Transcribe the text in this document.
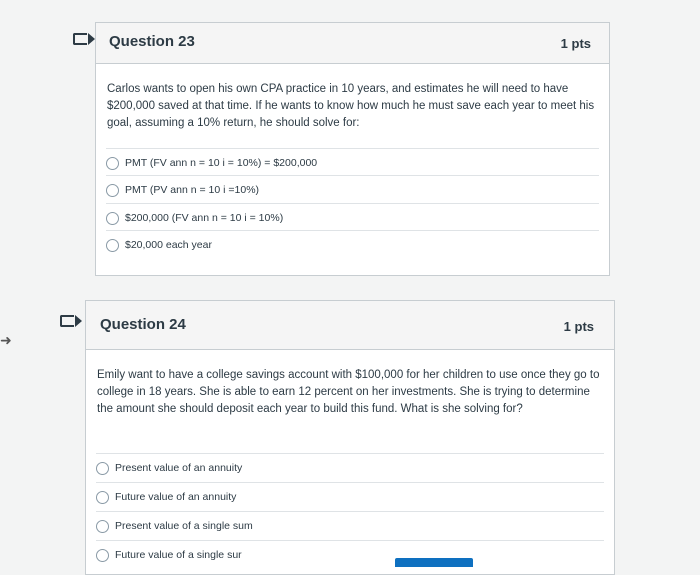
➜
Question 23	1 pts
Carlos wants to open his own CPA practice in 10 years, and estimates he will need to have $200,000 saved at that time. If he wants to know how much he must save each year to meet his goal, assuming a 10% return, he should solve for:
PMT (FV ann n = 10 i = 10%) = $200,000
PMT (PV ann n = 10 i =10%)
$200,000 (FV ann n = 10 i = 10%)
$20,000 each year
Question 24	1 pts
Emily want to have a college savings account with $100,000 for her children to use once they go to college in 18 years. She is able to earn 12 percent on her investments. She is trying to determine the amount she should deposit each year to build this fund. What is she solving for?
Present value of an annuity
Future value of an annuity
Present value of a single sum
Future value of a single sur
